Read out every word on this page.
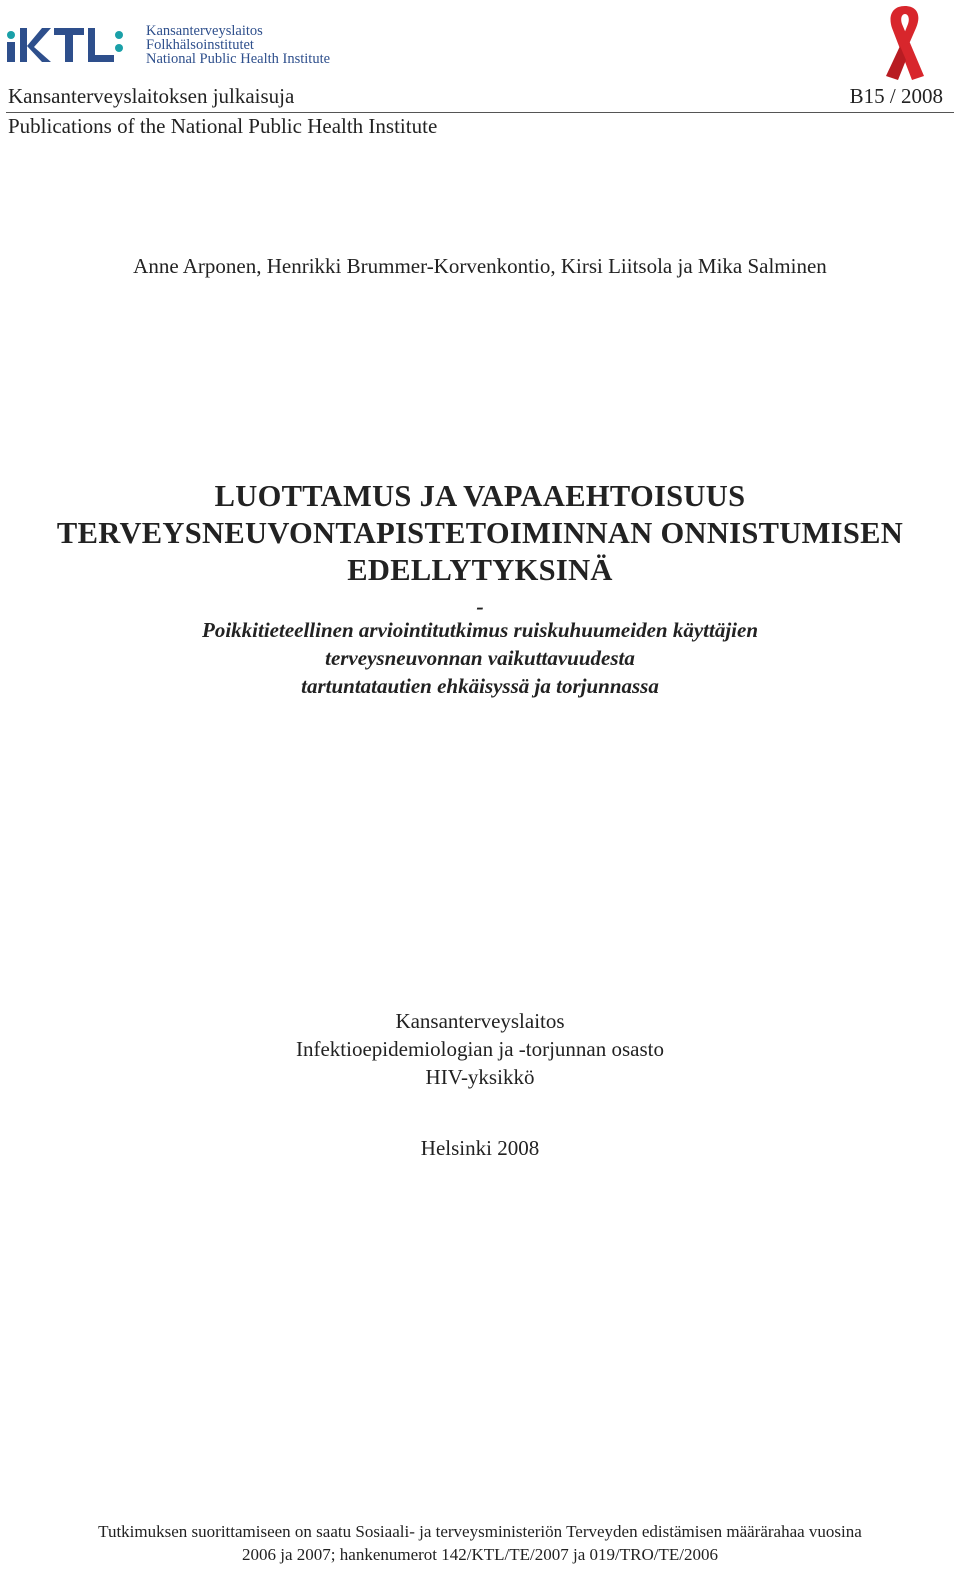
Kansanterveyslaitos
Folkhälsoinstitutet
National Public Health Institute
Kansanterveyslaitoksen julkaisuja	B15 / 2008
Publications of the National Public Health Institute
Anne Arponen, Henrikki Brummer-Korvenkontio, Kirsi Liitsola ja Mika Salminen
LUOTTAMUS JA VAPAAEHTOISUUS
TERVEYSNEUVONTAPISTETOIMINNAN ONNISTUMISEN
EDELLYTYKSINÄ
-
Poikkitieteellinen arviointitutkimus ruiskuhuumeiden käyttäjien
terveysneuvonnan vaikuttavuudesta
tartuntatautien ehkäisyssä ja torjunnassa
Kansanterveyslaitos
Infektioepidemiologian ja -torjunnan osasto
HIV-yksikkö
Helsinki 2008
Tutkimuksen suorittamiseen on saatu Sosiaali- ja terveysministeriön Terveyden edistämisen määrärahaa vuosina
2006 ja 2007; hankenumerot 142/KTL/TE/2007 ja 019/TRO/TE/2006
